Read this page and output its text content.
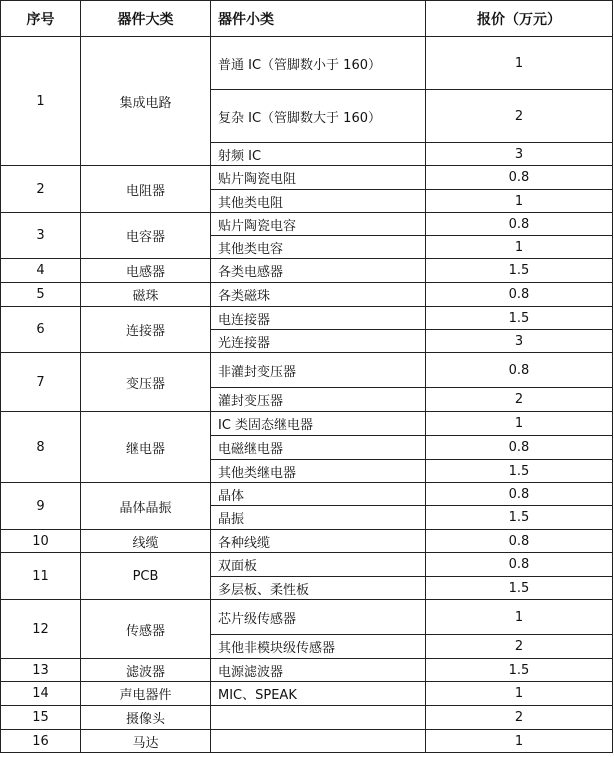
序号	器件大类	器件小类	报价（万元）
1	集成电路	普通 IC（管脚数小于 160）	1
		复杂 IC（管脚数大于 160）	2
		射频 IC	3
2	电阻器	贴片陶瓷电阻	0.8
		其他类电阻	1
3	电容器	贴片陶瓷电容	0.8
		其他类电容	1
4	电感器	各类电感器	1.5
5	磁珠	各类磁珠	0.8
6	连接器	电连接器	1.5
		光连接器	3
7	变压器	非灌封变压器	0.8
		灌封变压器	2
8	继电器	IC 类固态继电器	1
		电磁继电器	0.8
		其他类继电器	1.5
9	晶体晶振	晶体	0.8
		晶振	1.5
10	线缆	各种线缆	0.8
11	PCB	双面板	0.8
		多层板、柔性板	1.5
12	传感器	芯片级传感器	1
		其他非模块级传感器	2
13	滤波器	电源滤波器	1.5
14	声电器件	MIC、SPEAK	1
15	摄像头		2
16	马达		1
